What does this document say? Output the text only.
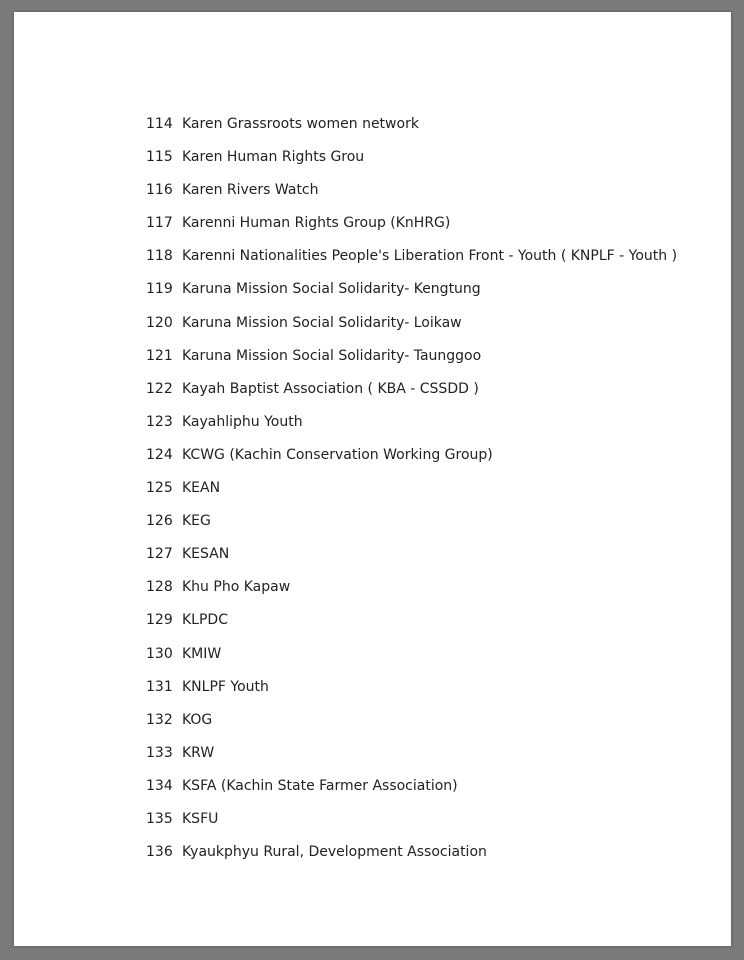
114 Karen Grassroots women network
115 Karen Human Rights Grou
116 Karen Rivers Watch
117 Karenni Human Rights Group (KnHRG)
118 Karenni Nationalities People's Liberation Front - Youth ( KNPLF - Youth )
119 Karuna Mission Social Solidarity- Kengtung
120 Karuna Mission Social Solidarity- Loikaw
121 Karuna Mission Social Solidarity- Taunggoo
122 Kayah Baptist Association ( KBA - CSSDD )
123 Kayahliphu Youth
124 KCWG (Kachin Conservation Working Group)
125 KEAN
126 KEG
127 KESAN
128 Khu Pho Kapaw
129 KLPDC
130 KMIW
131 KNLPF Youth
132 KOG
133 KRW
134 KSFA (Kachin State Farmer Association)
135 KSFU
136 Kyaukphyu Rural, Development Association
